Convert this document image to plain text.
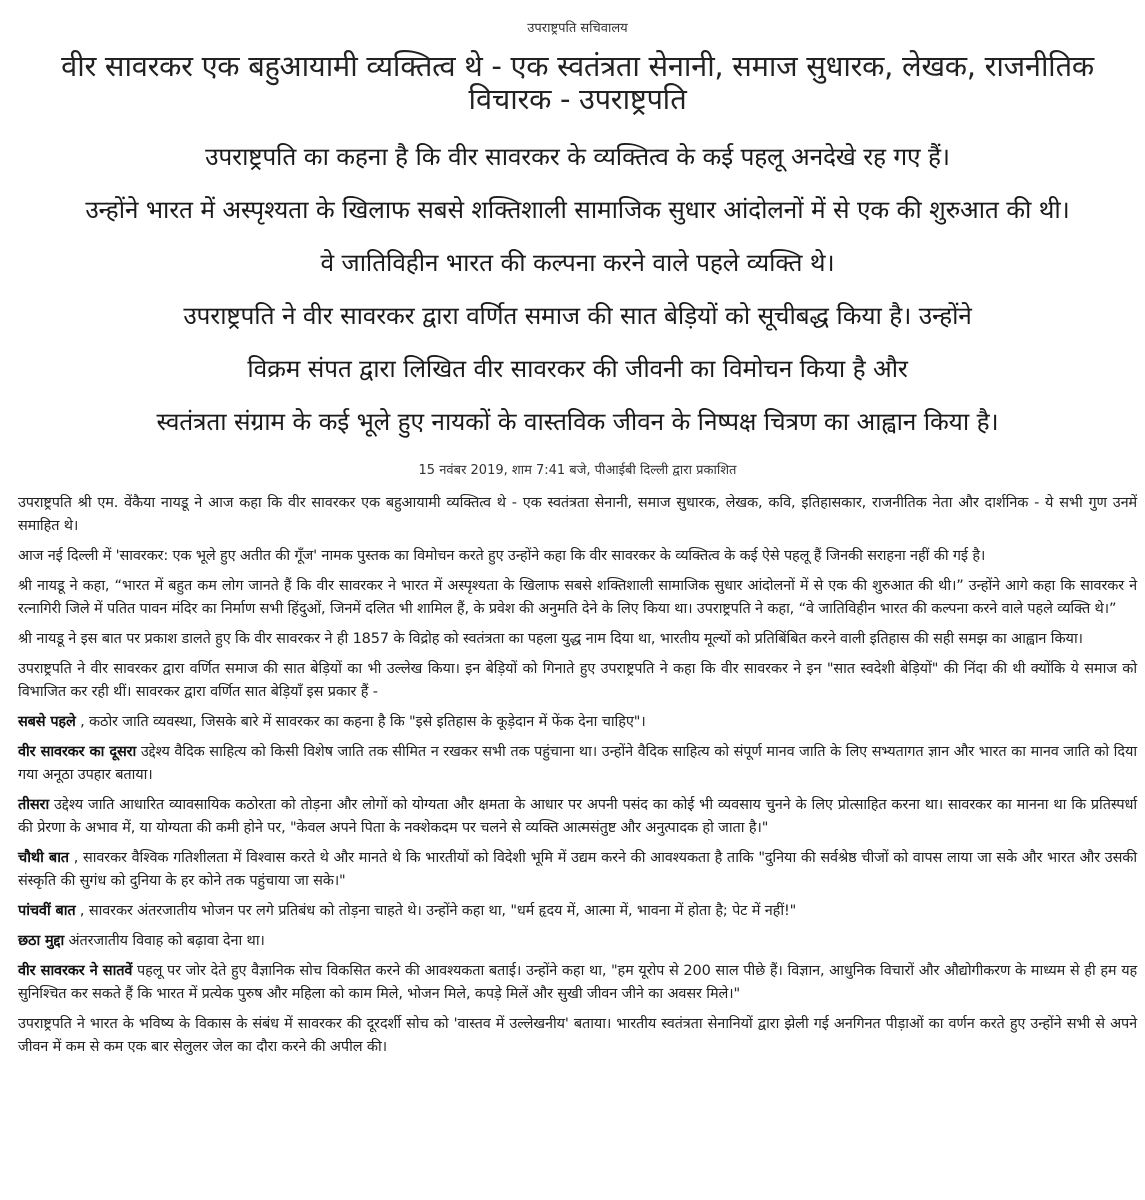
उपराष्ट्रपति सचिवालय
वीर सावरकर एक बहुआयामी व्यक्तित्व थे - एक स्वतंत्रता सेनानी, समाज सुधारक, लेखक, राजनीतिक विचारक - उपराष्ट्रपति
उपराष्ट्रपति का कहना है कि वीर सावरकर के व्यक्तित्व के कई पहलू अनदेखे रह गए हैं।
उन्होंने भारत में अस्पृश्यता के खिलाफ सबसे शक्तिशाली सामाजिक सुधार आंदोलनों में से एक की शुरुआत की थी।
वे जातिविहीन भारत की कल्पना करने वाले पहले व्यक्ति थे।
उपराष्ट्रपति ने वीर सावरकर द्वारा वर्णित समाज की सात बेड़ियों को सूचीबद्ध किया है। उन्होंने
विक्रम संपत द्वारा लिखित वीर सावरकर की जीवनी का विमोचन किया है और
स्वतंत्रता संग्राम के कई भूले हुए नायकों के वास्तविक जीवन के निष्पक्ष चित्रण का आह्वान किया है।
15 नवंबर 2019, शाम 7:41 बजे, पीआईबी दिल्ली द्वारा प्रकाशित

उपराष्ट्रपति श्री एम. वेंकैया नायडू ने आज कहा कि वीर सावरकर एक बहुआयामी व्यक्तित्व थे - एक स्वतंत्रता सेनानी, समाज सुधारक, लेखक, कवि, इतिहासकार, राजनीतिक नेता और दार्शनिक - ये सभी गुण उनमें समाहित थे।

आज नई दिल्ली में 'सावरकर: एक भूले हुए अतीत की गूँज' नामक पुस्तक का विमोचन करते हुए उन्होंने कहा कि वीर सावरकर के व्यक्तित्व के कई ऐसे पहलू हैं जिनकी सराहना नहीं की गई है।

श्री नायडू ने कहा, “भारत में बहुत कम लोग जानते हैं कि वीर सावरकर ने भारत में अस्पृश्यता के खिलाफ सबसे शक्तिशाली सामाजिक सुधार आंदोलनों में से एक की शुरुआत की थी।” उन्होंने आगे कहा कि सावरकर ने रत्नागिरी जिले में पतित पावन मंदिर का निर्माण सभी हिंदुओं, जिनमें दलित भी शामिल हैं, के प्रवेश की अनुमति देने के लिए किया था। उपराष्ट्रपति ने कहा, “वे जातिविहीन भारत की कल्पना करने वाले पहले व्यक्ति थे।”

श्री नायडू ने इस बात पर प्रकाश डालते हुए कि वीर सावरकर ने ही 1857 के विद्रोह को स्वतंत्रता का पहला युद्ध नाम दिया था, भारतीय मूल्यों को प्रतिबिंबित करने वाली इतिहास की सही समझ का आह्वान किया।

उपराष्ट्रपति ने वीर सावरकर द्वारा वर्णित समाज की सात बेड़ियों का भी उल्लेख किया। इन बेड़ियों को गिनाते हुए उपराष्ट्रपति ने कहा कि वीर सावरकर ने इन "सात स्वदेशी बेड़ियों" की निंदा की थी क्योंकि ये समाज को विभाजित कर रही थीं। सावरकर द्वारा वर्णित सात बेड़ियाँ इस प्रकार हैं -

सबसे पहले , कठोर जाति व्यवस्था, जिसके बारे में सावरकर का कहना है कि "इसे इतिहास के कूड़ेदान में फेंक देना चाहिए"।

वीर सावरकर का दूसरा उद्देश्य वैदिक साहित्य को किसी विशेष जाति तक सीमित न रखकर सभी तक पहुंचाना था। उन्होंने वैदिक साहित्य को संपूर्ण मानव जाति के लिए सभ्यतागत ज्ञान और भारत का मानव जाति को दिया गया अनूठा उपहार बताया।

तीसरा उद्देश्य जाति आधारित व्यावसायिक कठोरता को तोड़ना और लोगों को योग्यता और क्षमता के आधार पर अपनी पसंद का कोई भी व्यवसाय चुनने के लिए प्रोत्साहित करना था। सावरकर का मानना था कि प्रतिस्पर्धा की प्रेरणा के अभाव में, या योग्यता की कमी होने पर, "केवल अपने पिता के नक्शेकदम पर चलने से व्यक्ति आत्मसंतुष्ट और अनुत्पादक हो जाता है।"

चौथी बात , सावरकर वैश्विक गतिशीलता में विश्वास करते थे और मानते थे कि भारतीयों को विदेशी भूमि में उद्यम करने की आवश्यकता है ताकि "दुनिया की सर्वश्रेष्ठ चीजों को वापस लाया जा सके और भारत और उसकी संस्कृति की सुगंध को दुनिया के हर कोने तक पहुंचाया जा सके।"

पांचवीं बात , सावरकर अंतरजातीय भोजन पर लगे प्रतिबंध को तोड़ना चाहते थे। उन्होंने कहा था, "धर्म हृदय में, आत्मा में, भावना में होता है; पेट में नहीं!"

छठा मुद्दा अंतरजातीय विवाह को बढ़ावा देना था।

वीर सावरकर ने सातवें पहलू पर जोर देते हुए वैज्ञानिक सोच विकसित करने की आवश्यकता बताई। उन्होंने कहा था, "हम यूरोप से 200 साल पीछे हैं। विज्ञान, आधुनिक विचारों और औद्योगीकरण के माध्यम से ही हम यह सुनिश्चित कर सकते हैं कि भारत में प्रत्येक पुरुष और महिला को काम मिले, भोजन मिले, कपड़े मिलें और सुखी जीवन जीने का अवसर मिले।"

उपराष्ट्रपति ने भारत के भविष्य के विकास के संबंध में सावरकर की दूरदर्शी सोच को 'वास्तव में उल्लेखनीय' बताया। भारतीय स्वतंत्रता सेनानियों द्वारा झेली गई अनगिनत पीड़ाओं का वर्णन करते हुए उन्होंने सभी से अपने जीवन में कम से कम एक बार सेलुलर जेल का दौरा करने की अपील की।
